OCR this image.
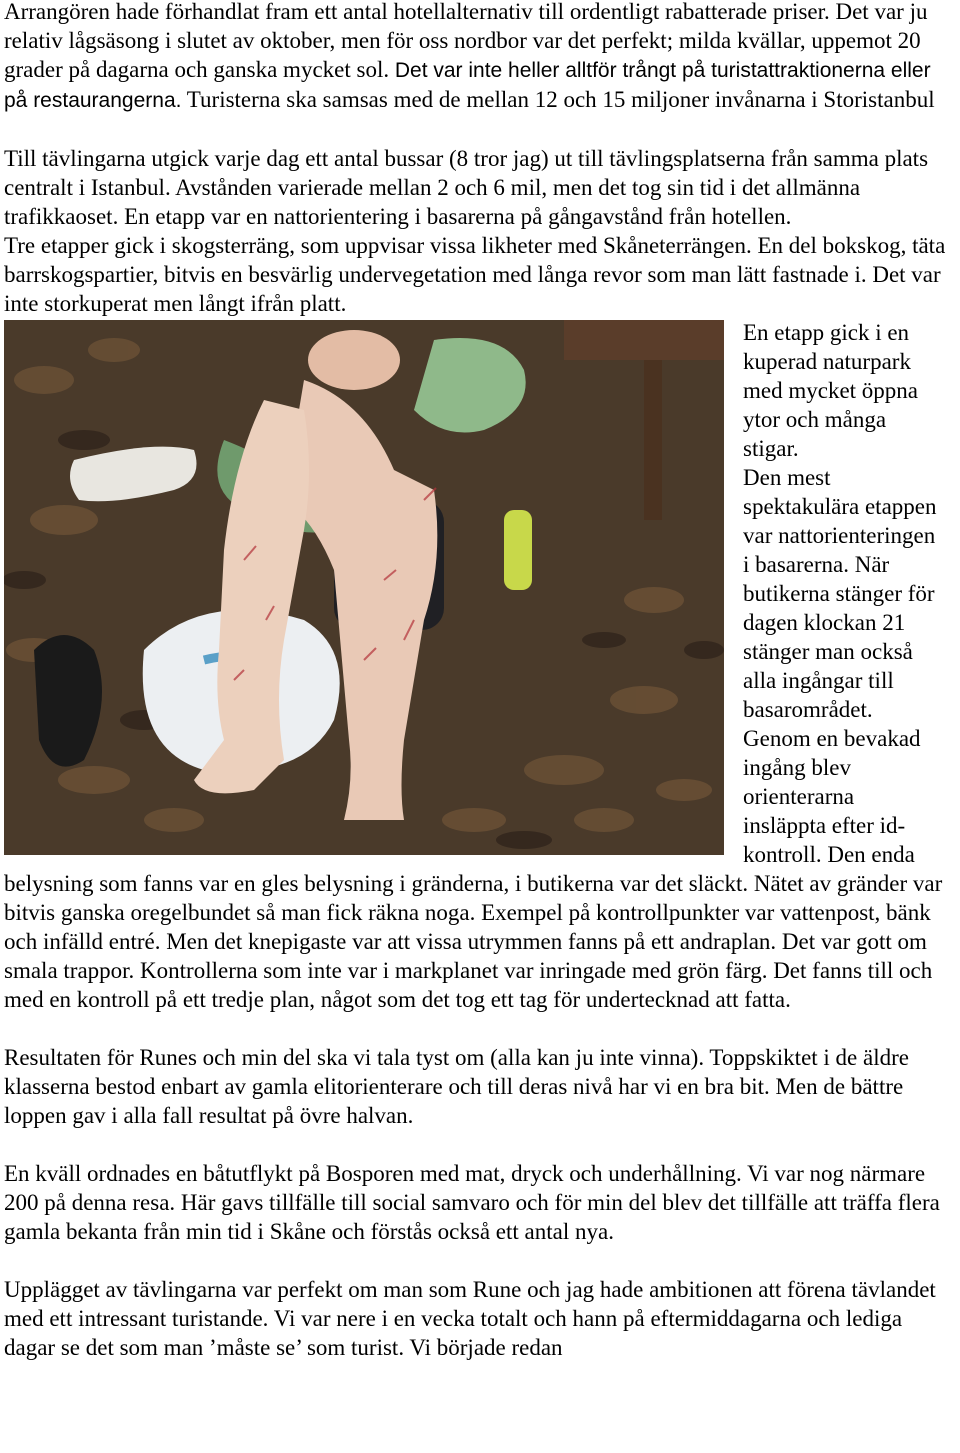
Arrangören hade förhandlat fram ett antal hotellalternativ till ordentligt rabatterade priser. Det var ju relativ lågsäsong i slutet av oktober, men för oss nordbor var det perfekt; milda kvällar, uppemot 20 grader på dagarna och ganska mycket sol. Det var inte heller alltför trångt på turistattraktionerna eller på restaurangerna. Turisterna ska samsas med de mellan 12 och 15 miljoner invånarna i Storistanbul

Till tävlingarna utgick varje dag ett antal bussar (8 tror jag) ut till tävlingsplatserna från samma plats centralt i Istanbul. Avstånden varierade mellan 2 och 6 mil, men det tog sin tid i det allmänna trafikkaoset. En etapp var en nattorientering i basarerna på gångavstånd från hotellen.

Tre etapper gick i skogsterräng, som uppvisar vissa likheter med Skåneterrängen. En del bokskog, täta barrskogspartier, bitvis en besvärlig undervegetation med långa revor som man lätt fastnade i. Det var inte storkuperat men långt ifrån platt.

En etapp gick i en

kuperad naturpark

med mycket öppna

ytor och många

stigar.

Den mest

spektakulära etappen

var nattorienteringen

i basarerna. När

butikerna stänger för

dagen klockan 21

stänger man också

alla ingångar till

basarområdet.

Genom en bevakad

ingång blev

orienterarna

insläppta efter id-

kontroll. Den enda

belysning som fanns var en gles belysning i gränderna, i butikerna var det släckt. Nätet av gränder var bitvis ganska oregelbundet så man fick räkna noga. Exempel på kontrollpunkter var vattenpost, bänk och infälld entré. Men det knepigaste var att vissa utrymmen fanns på ett andraplan. Det var gott om smala trappor. Kontrollerna som inte var i markplanet var inringade med grön färg. Det fanns till och med en kontroll på ett tredje plan, något som det tog ett tag för undertecknad att fatta.

Resultaten för Runes och min del ska vi tala tyst om (alla kan ju inte vinna). Toppskiktet i de äldre klasserna bestod enbart av gamla elitorienterare och till deras nivå har vi en bra bit. Men de bättre loppen gav i alla fall resultat på övre halvan.

En kväll ordnades en båtutflykt på Bosporen med mat, dryck och underhållning. Vi var nog närmare 200 på denna resa. Här gavs tillfälle till social samvaro och för min del blev det tillfälle att träffa flera gamla bekanta från min tid i Skåne och förstås också ett antal nya.

Upplägget av tävlingarna var perfekt om man som Rune och jag hade ambitionen att förena tävlandet med ett intressant turistande. Vi var nere i en vecka totalt och hann på eftermiddagarna och lediga dagar se det som man ’måste se’ som turist. Vi började redan
